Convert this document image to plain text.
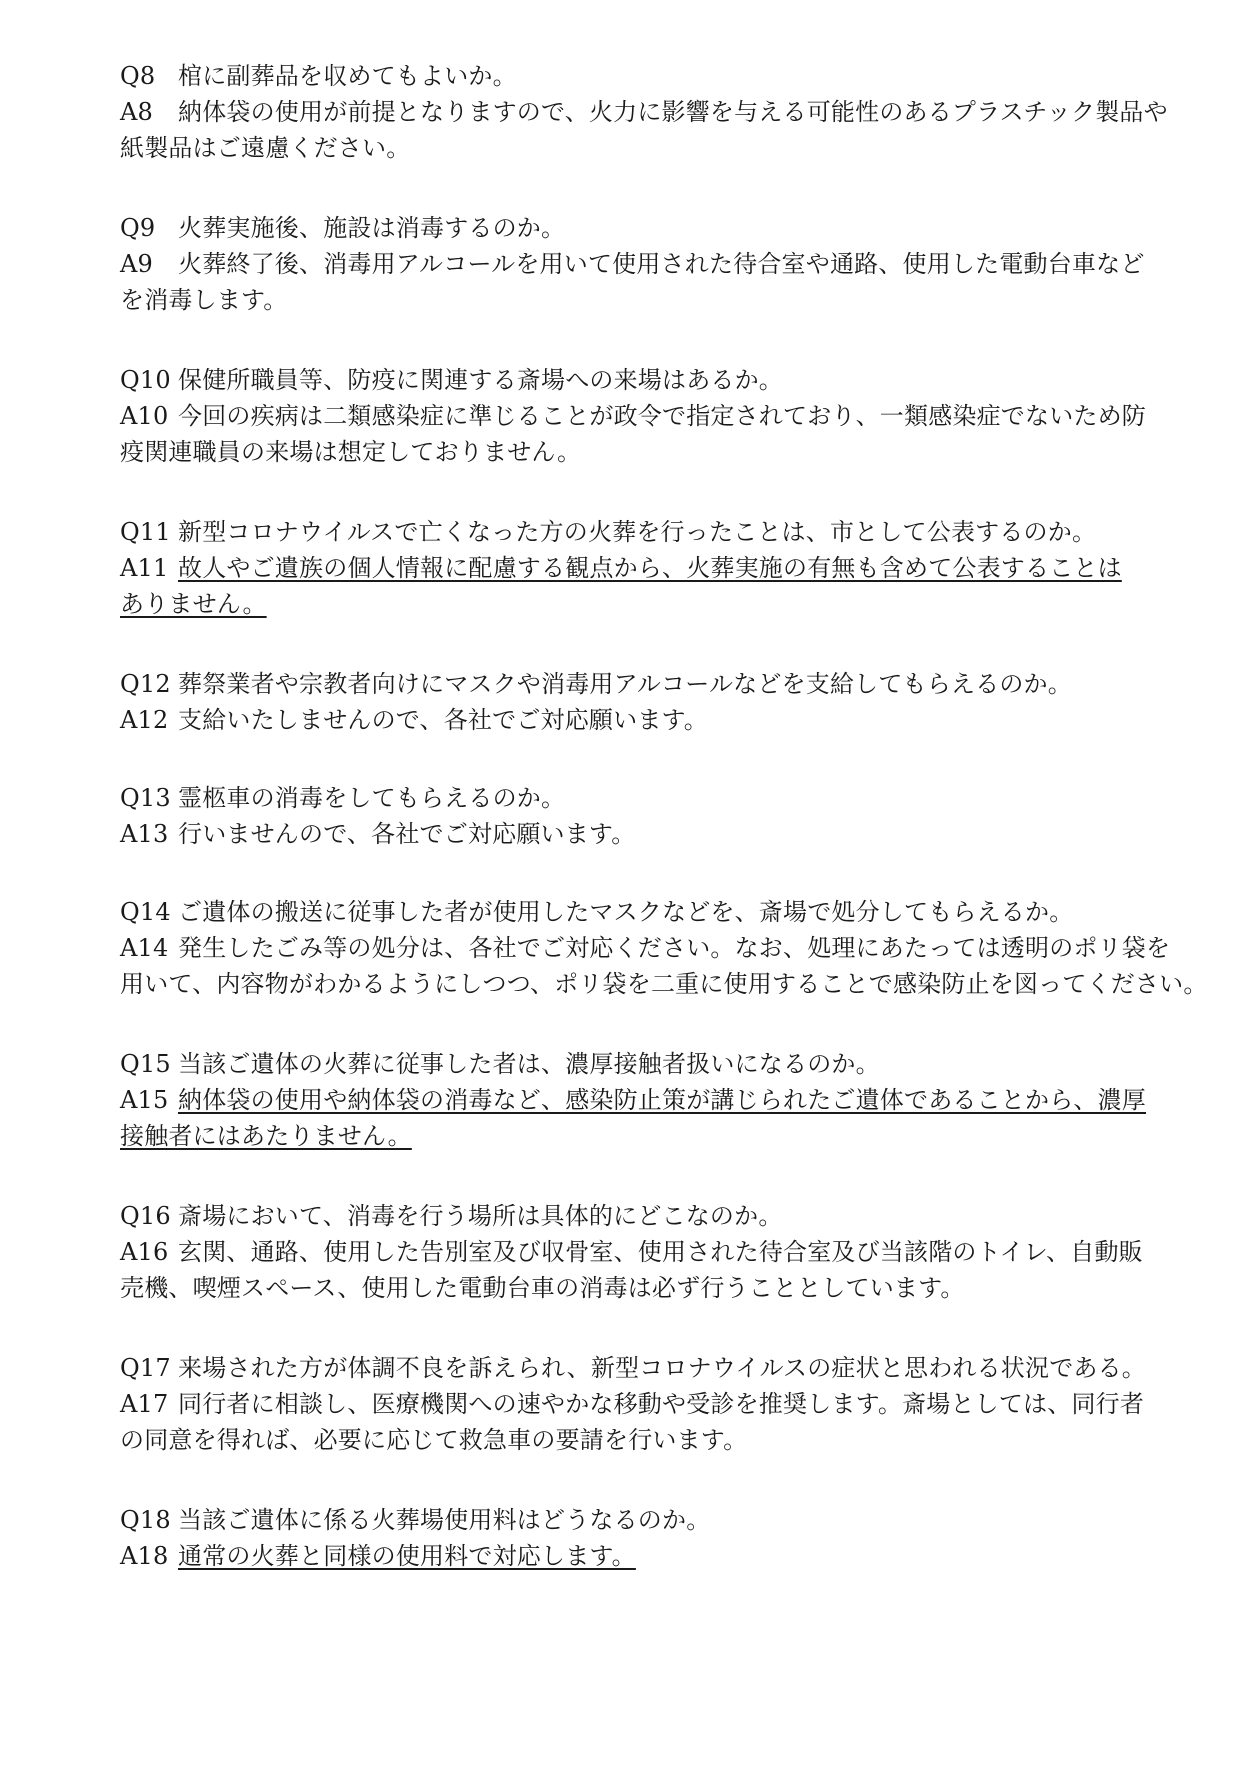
Q8 棺に副葬品を収めてもよいか。
A8 納体袋の使用が前提となりますので、火力に影響を与える可能性のあるプラスチック製品や
紙製品はご遠慮ください。
Q9 火葬実施後、施設は消毒するのか。
A9 火葬終了後、消毒用アルコールを用いて使用された待合室や通路、使用した電動台車など
を消毒します。
Q10 保健所職員等、防疫に関連する斎場への来場はあるか。
A10 今回の疾病は二類感染症に準じることが政令で指定されており、一類感染症でないため防
疫関連職員の来場は想定しておりません。
Q11 新型コロナウイルスで亡くなった方の火葬を行ったことは、市として公表するのか。
A11 故人やご遺族の個人情報に配慮する観点から、火葬実施の有無も含めて公表することは
ありません。
Q12 葬祭業者や宗教者向けにマスクや消毒用アルコールなどを支給してもらえるのか。
A12 支給いたしませんので、各社でご対応願います。
Q13 霊柩車の消毒をしてもらえるのか。
A13 行いませんので、各社でご対応願います。
Q14 ご遺体の搬送に従事した者が使用したマスクなどを、斎場で処分してもらえるか。
A14 発生したごみ等の処分は、各社でご対応ください。なお、処理にあたっては透明のポリ袋を
用いて、内容物がわかるようにしつつ、ポリ袋を二重に使用することで感染防止を図ってください。
Q15 当該ご遺体の火葬に従事した者は、濃厚接触者扱いになるのか。
A15 納体袋の使用や納体袋の消毒など、感染防止策が講じられたご遺体であることから、濃厚
接触者にはあたりません。
Q16 斎場において、消毒を行う場所は具体的にどこなのか。
A16 玄関、通路、使用した告別室及び収骨室、使用された待合室及び当該階のトイレ、自動販
売機、喫煙スペース、使用した電動台車の消毒は必ず行うこととしています。
Q17 来場された方が体調不良を訴えられ、新型コロナウイルスの症状と思われる状況である。
A17 同行者に相談し、医療機関への速やかな移動や受診を推奨します。斎場としては、同行者
の同意を得れば、必要に応じて救急車の要請を行います。
Q18 当該ご遺体に係る火葬場使用料はどうなるのか。
A18 通常の火葬と同様の使用料で対応します。
